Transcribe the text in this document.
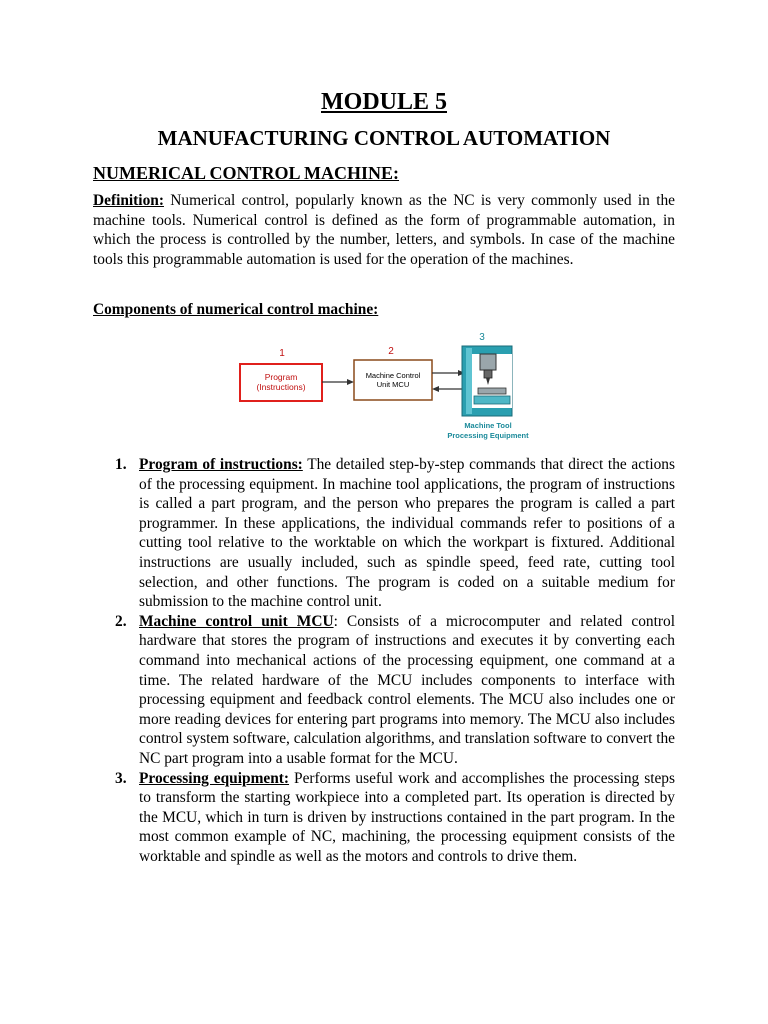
MODULE 5
MANUFACTURING CONTROL AUTOMATION
NUMERICAL CONTROL MACHINE:

Definition: Numerical control, popularly known as the NC is very commonly used in the machine tools. Numerical control is defined as the form of programmable automation, in which the process is controlled by the number, letters, and symbols. In case of the machine tools this programmable automation is used for the operation of the machines.

Components of numerical control machine:
1
Program
(Instructions)
2
Machine Control
Unit MCU
3
Machine Tool
Processing Equipment
1. Program of instructions: The detailed step-by-step commands that direct the actions of the processing equipment. In machine tool applications, the program of instructions is called a part program, and the person who prepares the program is called a part programmer. In these applications, the individual commands refer to positions of a cutting tool relative to the worktable on which the workpart is fixtured. Additional instructions are usually included, such as spindle speed, feed rate, cutting tool selection, and other functions. The program is coded on a suitable medium for submission to the machine control unit.
2. Machine control unit MCU: Consists of a microcomputer and related control hardware that stores the program of instructions and executes it by converting each command into mechanical actions of the processing equipment, one command at a time. The related hardware of the MCU includes components to interface with processing equipment and feedback control elements. The MCU also includes one or more reading devices for entering part programs into memory. The MCU also includes control system software, calculation algorithms, and translation software to convert the NC part program into a usable format for the MCU.
3. Processing equipment: Performs useful work and accomplishes the processing steps to transform the starting workpiece into a completed part. Its operation is directed by the MCU, which in turn is driven by instructions contained in the part program. In the most common example of NC, machining, the processing equipment consists of the worktable and spindle as well as the motors and controls to drive them.
